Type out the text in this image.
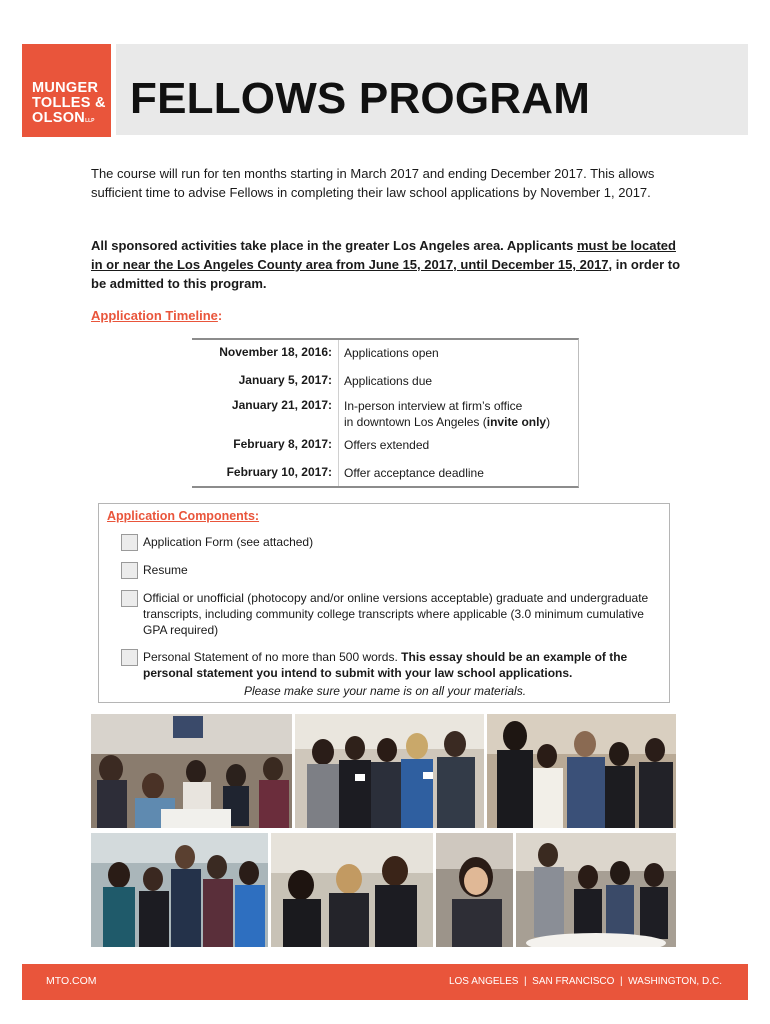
MUNGER
TOLLES &
OLSONLLP FELLOWS PROGRAM

The course will run for ten months starting in March 2017 and ending December 2017. This allows sufficient time to advise Fellows in completing their law school applications by November 1, 2017.

All sponsored activities take place in the greater Los Angeles area. Applicants must be located in or near the Los Angeles County area from June 15, 2017, until December 15, 2017, in order to be admitted to this program.

Application Timeline:

November 18, 2016: Applications open
January 5, 2017: Applications due
January 21, 2017: In-person interview at firm’s office
in downtown Los Angeles (invite only)
February 8, 2017: Offers extended
February 10, 2017: Offer acceptance deadline
Application Components:
Application Form (see attached)
Resume
Official or unofficial (photocopy and/or online versions acceptable) graduate and undergraduate transcripts, including community college transcripts where applicable (3.0 minimum cumulative GPA required)
Personal Statement of no more than 500 words. This essay should be an example of the personal statement you intend to submit with your law school applications.

Please make sure your name is on all your materials.

MTO.COM	LOS ANGELES  |  SAN FRANCISCO  |  WASHINGTON, D.C.
